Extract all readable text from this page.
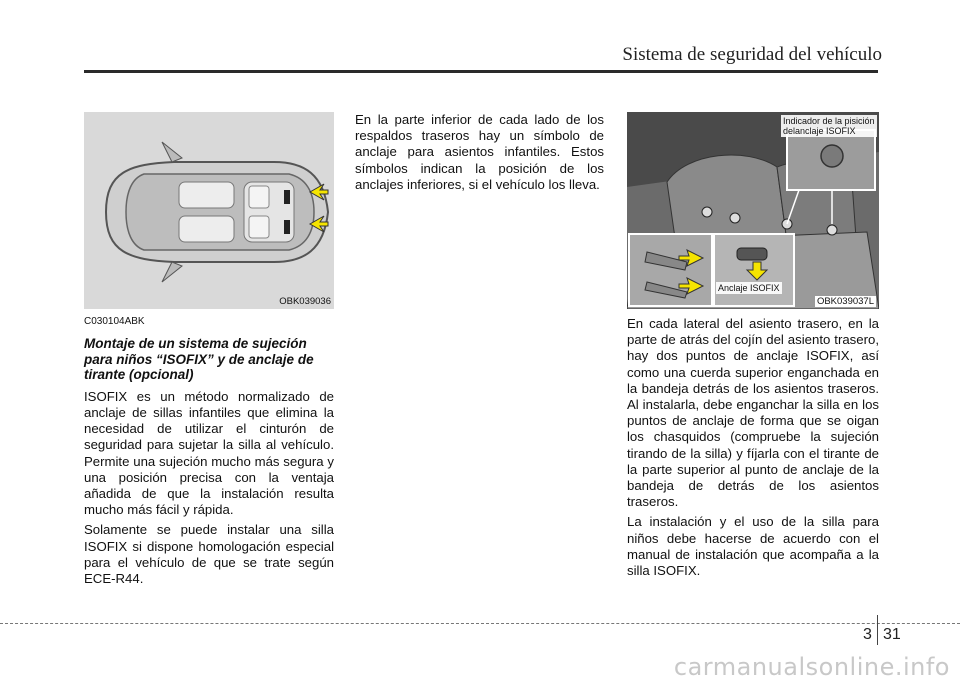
Sistema de seguridad del vehículo
OBK039036
C030104ABK
Montaje de un sistema de sujeción para niños “ISOFIX” y de anclaje de tirante (opcional)

ISOFIX es un método normalizado de anclaje de sillas infantiles que elimina la necesidad de utilizar el cinturón de seguridad para sujetar la silla al vehículo. Permite una sujeción mucho más segura y una posición precisa con la ventaja añadida de que la instalación resulta mucho más fácil y rápida.

Solamente se puede instalar una silla ISOFIX si dispone homologación especial para el vehículo de que se trate según ECE-R44.

En la parte inferior de cada lado de los respaldos traseros hay un símbolo de anclaje para asientos infantiles. Estos símbolos indican la posición de los anclajes inferiores, si el vehículo los lleva.

Indicador de la pisición delanclaje ISOFIX
Anclaje ISOFIX
OBK039037L

En cada lateral del asiento trasero, en la parte de atrás del cojín del asiento trasero, hay dos puntos de anclaje ISOFIX, así como una cuerda superior enganchada en la bandeja detrás de los asientos traseros. Al instalarla, debe enganchar la silla en los puntos de anclaje de forma que se oigan los chasquidos (compruebe la sujeción tirando de la silla) y fíjarla con el tirante de la parte superior al punto de anclaje de la bandeja de detrás de los asientos traseros.

La instalación y el uso de la silla para niños debe hacerse de acuerdo con el manual de instalación que acompaña a la silla ISOFIX.

3 31
carmanualsonline.info
